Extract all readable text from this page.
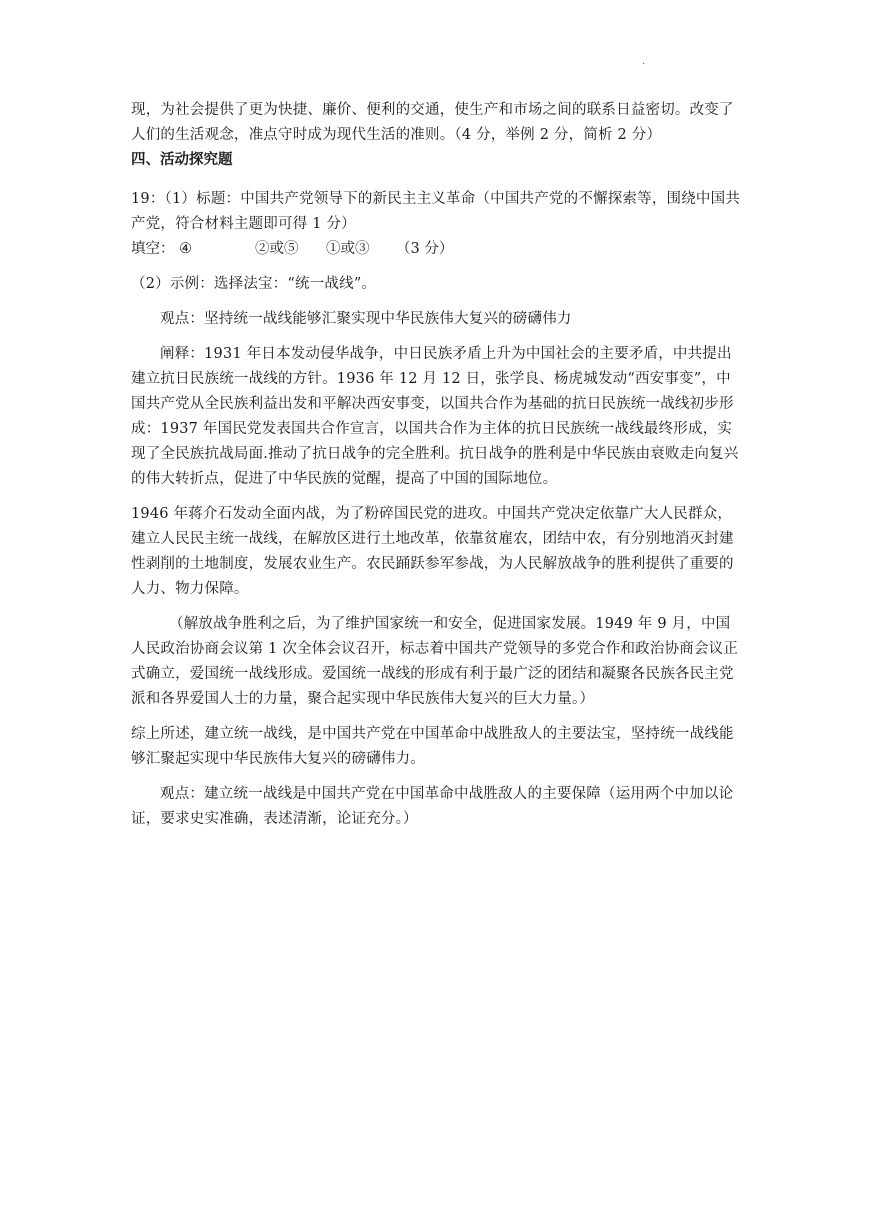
.

现，为社会提供了更为快捷、廉价、便利的交通，使生产和市场之间的联系日益密切。改变了人们的生活观念，准点守时成为现代生活的准则。（4 分，举例 2 分，简析 2 分）

四、活动探究题

19：（1）标题：中国共产党领导下的新民主主义革命（中国共产党的不懈探索等，围绕中国共产党，符合材料主题即可得 1 分）

填空： ④	②或⑤	①或③	（3 分）

（2）示例：选择法宝：“统一战线”。

观点：坚持统一战线能够汇聚实现中华民族伟大复兴的磅礴伟力

阐释：1931 年日本发动侵华战争，中日民族矛盾上升为中国社会的主要矛盾，中共提出建立抗日民族统一战线的方针。1936 年 12 月 12 日，张学良、杨虎城发动“西安事变”，中国共产党从全民族利益出发和平解决西安事变，以国共合作为基础的抗日民族统一战线初步形成：1937 年国民党发表国共合作宣言，以国共合作为主体的抗日民族统一战线最终形成，实现了全民族抗战局面.推动了抗日战争的完全胜利。抗日战争的胜利是中华民族由衰败走向复兴的伟大转折点，促进了中华民族的觉醒，提高了中国的国际地位。

1946 年蒋介石发动全面内战，为了粉碎国民党的进攻。中国共产党决定依靠广大人民群众，建立人民民主统一战线，在解放区进行土地改革，依靠贫雇农，团结中农，有分别地消灭封建性剥削的土地制度，发展农业生产。农民踊跃参军参战，为人民解放战争的胜利提供了重要的人力、物力保障。

（解放战争胜利之后，为了维护国家统一和安全，促进国家发展。1949 年 9 月，中国人民政治协商会议第 1 次全体会议召开，标志着中国共产党领导的多党合作和政治协商会议正式确立，爱国统一战线形成。爱国统一战线的形成有利于最广泛的团结和凝聚各民族各民主党派和各界爱国人士的力量，聚合起实现中华民族伟大复兴的巨大力量。）

综上所述，建立统一战线，是中国共产党在中国革命中战胜敌人的主要法宝，坚持统一战线能够汇聚起实现中华民族伟大复兴的磅礴伟力。

观点：建立统一战线是中国共产党在中国革命中战胜敌人的主要保障（运用两个中加以论证，要求史实准确，表述清渐，论证充分。）
